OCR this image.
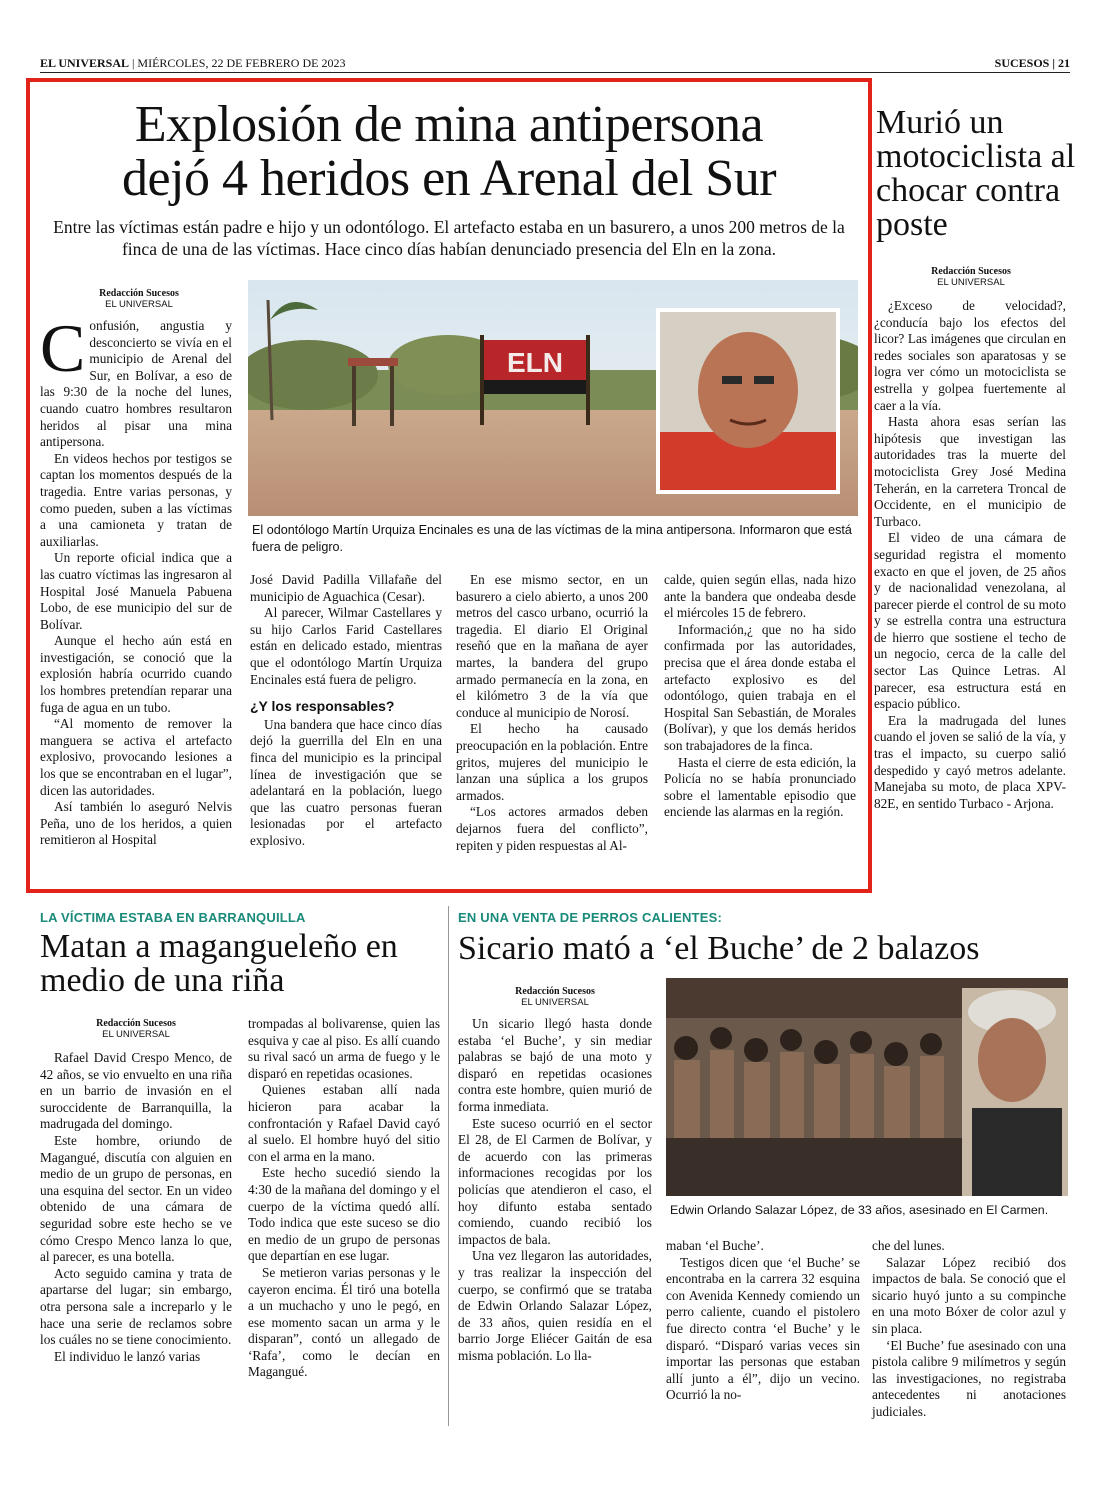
EL UNIVERSAL | MIÉRCOLES, 22 DE FEBRERO DE 2023	SUCESOS | 21
Explosión de mina antipersona
dejó 4 heridos en Arenal del Sur
Entre las víctimas están padre e hijo y un odontólogo. El artefacto estaba en un basurero, a unos 200 metros de la finca de una de las víctimas. Hace cinco días habían denunciado presencia del Eln en la zona.
Redacción Sucesos
EL UNIVERSAL

Confusión, angustia y desconcierto se vivía en el municipio de Arenal del Sur, en Bolívar, a eso de las 9:30 de la noche del lunes, cuando cuatro hombres resultaron heridos al pisar una mina antipersona.

En videos hechos por testigos se captan los momentos después de la tragedia. Entre varias personas, y como pueden, suben a las víctimas a una camioneta y tratan de auxiliarlas.

Un reporte oficial indica que a las cuatro víctimas las ingresaron al Hospital José Manuela Pabuena Lobo, de ese municipio del sur de Bolívar.

Aunque el hecho aún está en investigación, se conoció que la explosión habría ocurrido cuando los hombres pretendían reparar una fuga de agua en un tubo.

“Al momento de remover la manguera se activa el artefacto explosivo, provocando lesiones a los que se encontraban en el lugar”, dicen las autoridades.

Así también lo aseguró Nelvis Peña, uno de los heridos, a quien remitieron al Hospital

ELN
El odontólogo Martín Urquiza Encinales es una de las víctimas de la mina antipersona. Informaron que está fuera de peligro.

José David Padilla Villafañe del municipio de Aguachica (Cesar).

Al parecer, Wilmar Castellares y su hijo Carlos Farid Castellares están en delicado estado, mientras que el odontólogo Martín Urquiza Encinales está fuera de peligro.

¿Y los responsables?

Una bandera que hace cinco días dejó la guerrilla del Eln en una finca del municipio es la principal línea de investigación que se adelantará en la población, luego que las cuatro personas fueran lesionadas por el artefacto explosivo.

En ese mismo sector, en un basurero a cielo abierto, a unos 200 metros del casco urbano, ocurrió la tragedia. El diario El Original reseñó que en la mañana de ayer martes, la bandera del grupo armado permanecía en la zona, en el kilómetro 3 de la vía que conduce al municipio de Norosí.

El hecho ha causado preocupación en la población. Entre gritos, mujeres del municipio le lanzan una súplica a los grupos armados.

“Los actores armados deben dejarnos fuera del conflicto”, repiten y piden respuestas al Al-

calde, quien según ellas, nada hizo ante la bandera que ondeaba desde el miércoles 15 de febrero.

Información,¿ que no ha sido confirmada por las autoridades, precisa que el área donde estaba el artefacto explosivo es del odontólogo, quien trabaja en el Hospital San Sebastián, de Morales (Bolívar), y que los demás heridos son trabajadores de la finca.

Hasta el cierre de esta edición, la Policía no se había pronunciado sobre el lamentable episodio que enciende las alarmas en la región.

Murió un motociclista al chocar contra poste
Redacción Sucesos
EL UNIVERSAL

¿Exceso de velocidad?, ¿conducía bajo los efectos del licor? Las imágenes que circulan en redes sociales son aparatosas y se logra ver cómo un motociclista se estrella y golpea fuertemente al caer a la vía.

Hasta ahora esas serían las hipótesis que investigan las autoridades tras la muerte del motociclista Grey José Medina Teherán, en la carretera Troncal de Occidente, en el municipio de Turbaco.

El video de una cámara de seguridad registra el momento exacto en que el joven, de 25 años y de nacionalidad venezolana, al parecer pierde el control de su moto y se estrella contra una estructura de hierro que sostiene el techo de un negocio, cerca de la calle del sector Las Quince Letras. Al parecer, esa estructura está en espacio público.

Era la madrugada del lunes cuando el joven se salió de la vía, y tras el impacto, su cuerpo salió despedido y cayó metros adelante. Manejaba su moto, de placa XPV-82E, en sentido Turbaco - Arjona.

LA VÍCTIMA ESTABA EN BARRANQUILLA
Matan a magangueleño en medio de una riña
Redacción Sucesos
EL UNIVERSAL

Rafael David Crespo Menco, de 42 años, se vio envuelto en una riña en un barrio de invasión en el suroccidente de Barranquilla, la madrugada del domingo.

Este hombre, oriundo de Magangué, discutía con alguien en medio de un grupo de personas, en una esquina del sector. En un video obtenido de una cámara de seguridad sobre este hecho se ve cómo Crespo Menco lanza lo que, al parecer, es una botella.

Acto seguido camina y trata de apartarse del lugar; sin embargo, otra persona sale a increparlo y le hace una serie de reclamos sobre los cuáles no se tiene conocimiento.

El individuo le lanzó varias

trompadas al bolivarense, quien las esquiva y cae al piso. Es allí cuando su rival sacó un arma de fuego y le disparó en repetidas ocasiones.

Quienes estaban allí nada hicieron para acabar la confrontación y Rafael David cayó al suelo. El hombre huyó del sitio con el arma en la mano.

Este hecho sucedió siendo la 4:30 de la mañana del domingo y el cuerpo de la víctima quedó allí. Todo indica que este suceso se dio en medio de un grupo de personas que departían en ese lugar.

Se metieron varias personas y le cayeron encima. Él tiró una botella a un muchacho y uno le pegó, en ese momento sacan un arma y le disparan”, contó un allegado de ‘Rafa’, como le decían en Magangué.

EN UNA VENTA DE PERROS CALIENTES:
Sicario mató a ‘el Buche’ de 2 balazos
Redacción Sucesos
EL UNIVERSAL

Un sicario llegó hasta donde estaba ‘el Buche’, y sin mediar palabras se bajó de una moto y disparó en repetidas ocasiones contra este hombre, quien murió de forma inmediata.

Este suceso ocurrió en el sector El 28, de El Carmen de Bolívar, y de acuerdo con las primeras informaciones recogidas por los policías que atendieron el caso, el hoy difunto estaba sentado comiendo, cuando recibió los impactos de bala.

Una vez llegaron las autoridades, y tras realizar la inspección del cuerpo, se confirmó que se trataba de Edwin Orlando Salazar López, de 33 años, quien residía en el barrio Jorge Eliécer Gaitán de esa misma población. Lo lla-

Edwin Orlando Salazar López, de 33 años, asesinado en El Carmen.

maban ‘el Buche’.

Testigos dicen que ‘el Buche’ se encontraba en la carrera 32 esquina con Avenida Kennedy comiendo un perro caliente, cuando el pistolero fue directo contra ‘el Buche’ y le disparó. “Disparó varias veces sin importar las personas que estaban allí junto a él”, dijo un vecino. Ocurrió la no-

che del lunes.

Salazar López recibió dos impactos de bala. Se conoció que el sicario huyó junto a su compinche en una moto Bóxer de color azul y sin placa.

‘El Buche’ fue asesinado con una pistola calibre 9 milímetros y según las investigaciones, no registraba antecedentes ni anotaciones judiciales.
